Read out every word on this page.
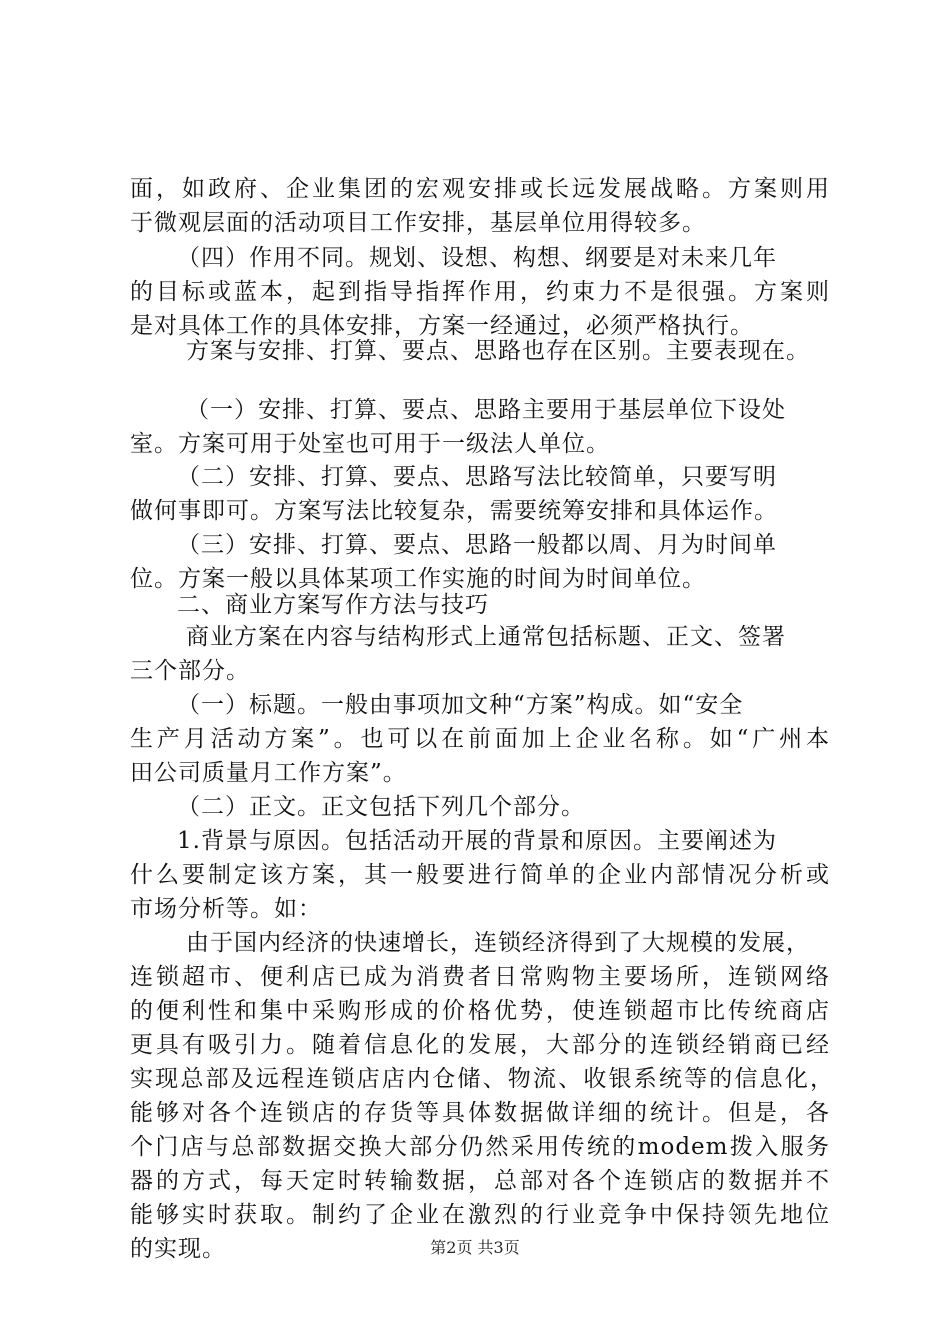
面，如政府、企业集团的宏观安排或长远发展战略。方案则用
于微观层面的活动项目工作安排，基层单位用得较多。
（四）作用不同。规划、设想、构想、纲要是对未来几年
的目标或蓝本，起到指导指挥作用，约束力不是很强。方案则
是对具体工作的具体安排，方案一经通过，必须严格执行。
方案与安排、打算、要点、思路也存在区别。主要表现在。
（一）安排、打算、要点、思路主要用于基层单位下设处
室。方案可用于处室也可用于一级法人单位。
（二）安排、打算、要点、思路写法比较简单，只要写明
做何事即可。方案写法比较复杂，需要统筹安排和具体运作。
（三）安排、打算、要点、思路一般都以周、月为时间单
位。方案一般以具体某项工作实施的时间为时间单位。
二、商业方案写作方法与技巧
商业方案在内容与结构形式上通常包括标题、正文、签署
三个部分。
（一）标题。一般由事项加文种“方案”构成。如“安全
生产月活动方案”。也可以在前面加上企业名称。如“广州本
田公司质量月工作方案”。
（二）正文。正文包括下列几个部分。
1.背景与原因。包括活动开展的背景和原因。主要阐述为
什么要制定该方案，其一般要进行简单的企业内部情况分析或
市场分析等。如：
由于国内经济的快速增长，连锁经济得到了大规模的发展，
连锁超市、便利店已成为消费者日常购物主要场所，连锁网络
的便利性和集中采购形成的价格优势，使连锁超市比传统商店
更具有吸引力。随着信息化的发展，大部分的连锁经销商已经
实现总部及远程连锁店店内仓储、物流、收银系统等的信息化，
能够对各个连锁店的存货等具体数据做详细的统计。但是，各
个门店与总部数据交换大部分仍然采用传统的modem拨入服务
器的方式，每天定时转输数据，总部对各个连锁店的数据并不
能够实时获取。制约了企业在激烈的行业竞争中保持领先地位
的实现。	第2页 共3页
